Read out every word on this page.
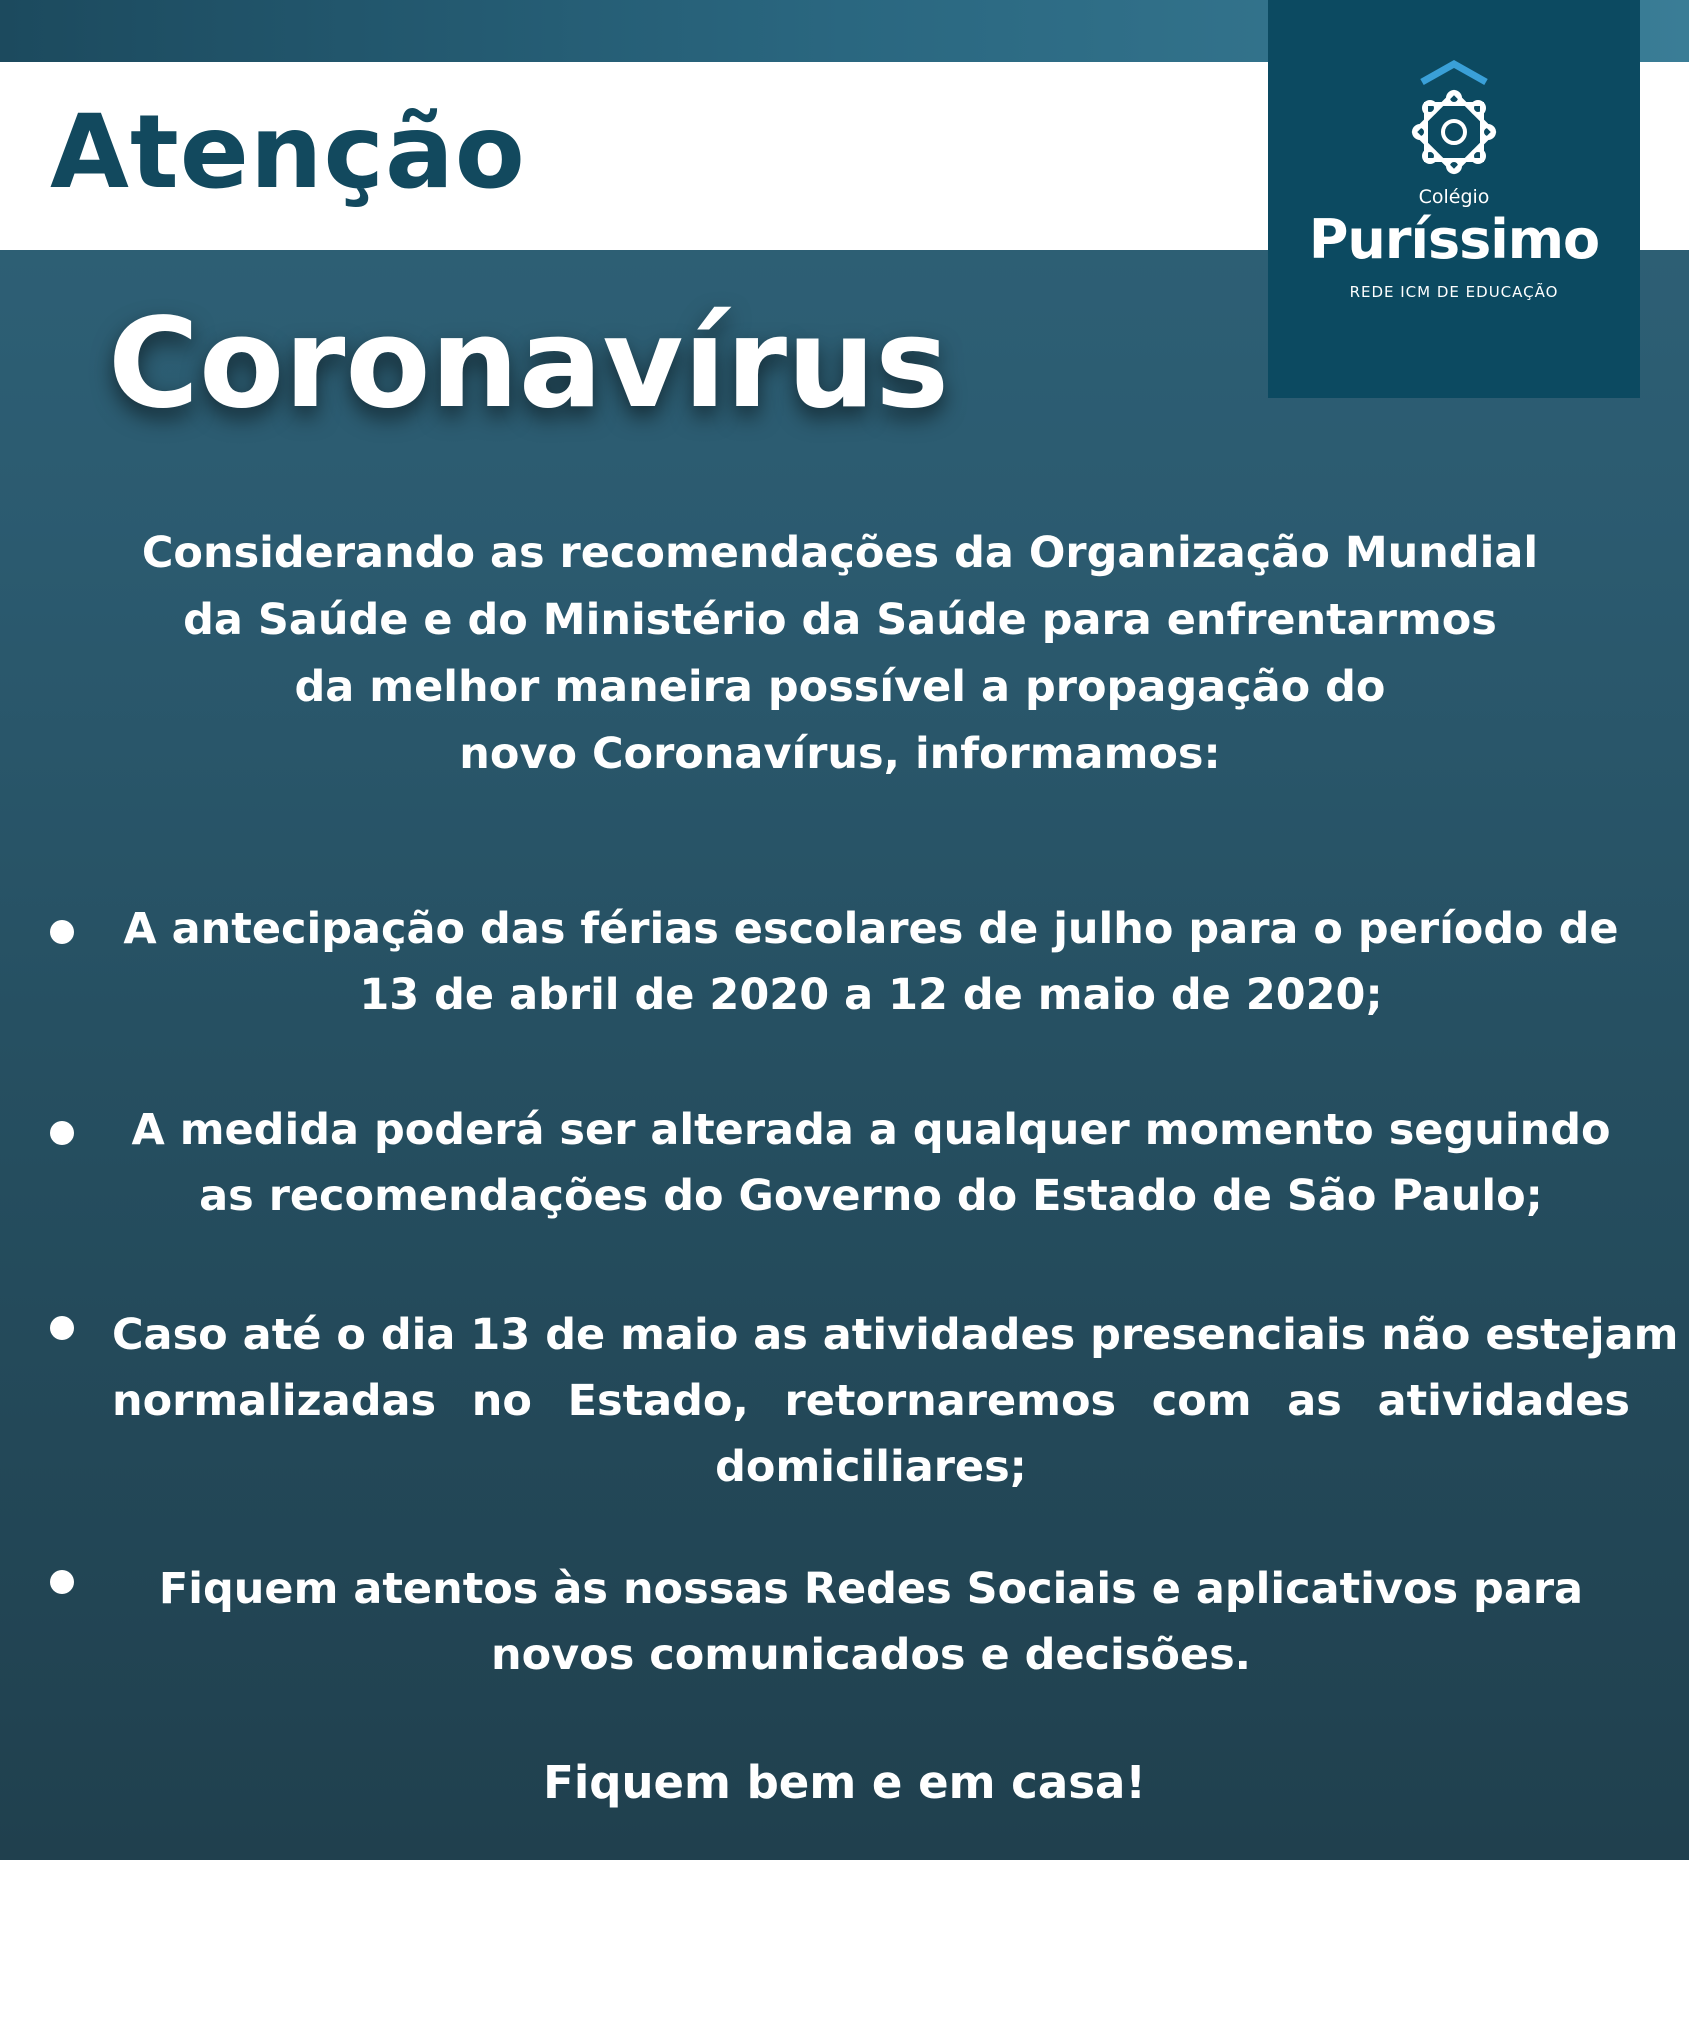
Atenção	Colégio
Puríssimo
REDE ICM DE EDUCAÇÃO
Coronavírus
Considerando as recomendações da Organização Mundial
da Saúde e do Ministério da Saúde para enfrentarmos
da melhor maneira possível a propagação do
novo Coronavírus, informamos:
A antecipação das férias escolares de julho para o período de
13 de abril de 2020 a 12 de maio de 2020;
A medida poderá ser alterada a qualquer momento seguindo
as recomendações do Governo do Estado de São Paulo;
Caso até o dia 13 de maio as atividades presenciais não estejam
normalizadas no Estado, retornaremos com as atividades
domiciliares;
Fiquem atentos às nossas Redes Sociais e aplicativos para
novos comunicados e decisões.
Fiquem bem e em casa!
